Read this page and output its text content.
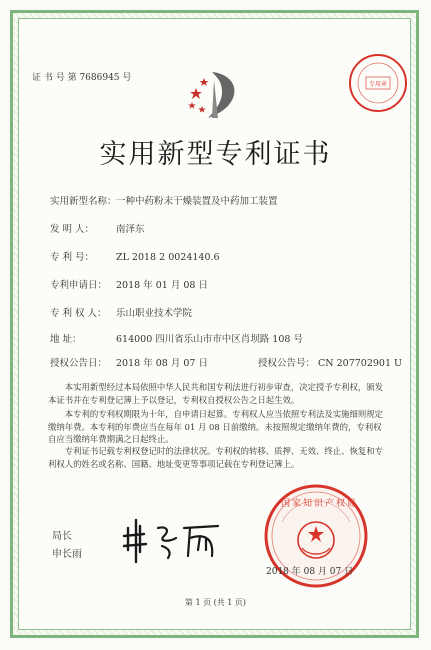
专用章
证 书 号 第 7686945 号
实用新型专利证书
实用新型名称： 一种中药粉末干燥装置及中药加工装置
发 明 人： 南泽东
专 利 号： ZL 2018 2 0024140.6
专利申请日： 2018 年 01 月 08 日
专 利 权 人： 乐山职业技术学院
地 址：	614000 四川省乐山市市中区肖坝路 108 号
授权公告日： 2018 年 08 月 07 日	授权公告号： CN 207702901 U
本实用新型经过本局依照中华人民共和国专利法进行初步审查，决定授予专利权，颁发本证书并在专利登记簿上予以登记，专利权自授权公告之日起生效。
本专利的专利权期限为十年，自申请日起算。专利权人应当依照专利法及实施细则规定缴纳年费。本专利的年费应当在每年 01 月 08 日前缴纳。未按照规定缴纳年费的，专利权自应当缴纳年费期满之日起终止。
专利证书记载专利权登记时的法律状况。专利权的转移、质押、无效、终止、恢复和专利权人的姓名或名称、国籍、地址变更等事项记载在专利登记簿上。
局长
申长雨
国家知识产权局
2018 年 08 月 07 日
第 1 页 (共 1 页)
